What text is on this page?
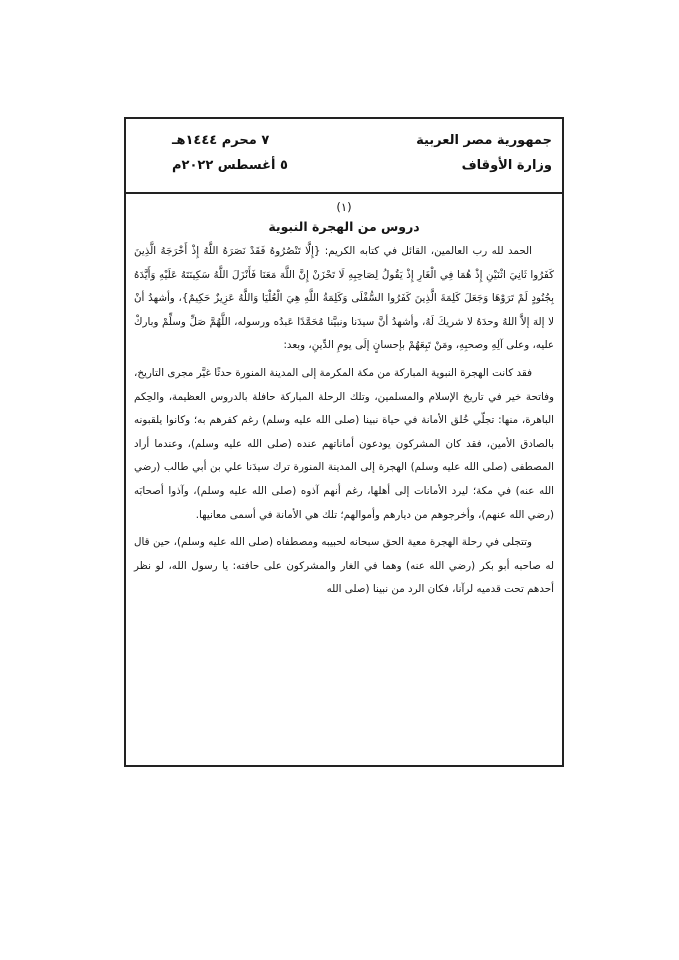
جمهورية مصر العربية
وزارة الأوقاف
٧ محرم ١٤٤٤هـ
٥ أغسطس ٢٠٢٢م
(١)
دروس من الهجرة النبوية

الحمد لله رب العالمين، القائل في كتابه الكريم: {إِلَّا تَنْصُرُوهُ فَقَدْ نَصَرَهُ اللَّهُ إِذْ أَخْرَجَهُ الَّذِينَ كَفَرُوا ثَانِيَ اثْنَيْنِ إِذْ هُمَا فِي الْغَارِ إِذْ يَقُولُ لِصَاحِبِهِ لَا تَحْزَنْ إِنَّ اللَّهَ مَعَنَا فَأَنْزَلَ اللَّهُ سَكِينَتَهُ عَلَيْهِ وَأَيَّدَهُ بِجُنُودٍ لَمْ تَرَوْهَا وَجَعَلَ كَلِمَةَ الَّذِينَ كَفَرُوا السُّفْلَى وَكَلِمَةُ اللَّهِ هِيَ الْعُلْيَا وَاللَّهُ عَزِيزٌ حَكِيمٌ}، وأشهدُ أنْ لا إلهَ إلاَّ اللهُ وحدَهُ لا شريكَ لَهُ، وأشهدُ أنَّ سيدَنا ونبيَّنا مُحَمَّدًا عَبدُه ورسوله، اللَّهُمَّ صَلِّ وسلِّمْ وباركْ عليه، وعلى آلِهِ وصحبِهِ، ومَنْ تَبِعَهُمْ بإحسانٍ إلَى يومِ الدِّينِ، وبعد:

فقد كانت الهجرة النبوية المباركة من مكة المكرمة إلى المدينة المنورة حدثًا غيَّر مجرى التاريخ، وفاتحة خير في تاريخ الإسلام والمسلمين، وتلك الرحلة المباركة حافلة بالدروس العظيمة، والحِكم الباهرة، منها: تجلّي خُلق الأمانة في حياة نبينا (صلى الله عليه وسلم) رغم كفرهم به؛ وكانوا يلقبونه بالصادق الأمين، فقد كان المشركون يودعون أماناتهم عنده (صلى الله عليه وسلم)، وعندما أراد المصطفى (صلى الله عليه وسلم) الهجرة إلى المدينة المنورة ترك سيدَنا علي بن أبي طالب (رضي الله عنه) في مكة؛ ليرد الأمانات إلى أهلها، رغم أنهم آذوه (صلى الله عليه وسلم)، وآذوا أصحابَه (رضي الله عنهم)، وأخرجوهم من ديارهم وأموالهم؛ تلك هي الأمانة في أسمى معانيها.

وتتجلى في رحلة الهجرة معية الحق سبحانه لحبيبه ومصطفاه (صلى الله عليه وسلم)، حين قال له صاحبه أبو بكر (رضي الله عنه) وهما في الغار والمشركون على حافته: يا رسول الله، لو نظر أحدهم تحت قدميه لرآنا، فكان الرد من نبينا (صلى الله
